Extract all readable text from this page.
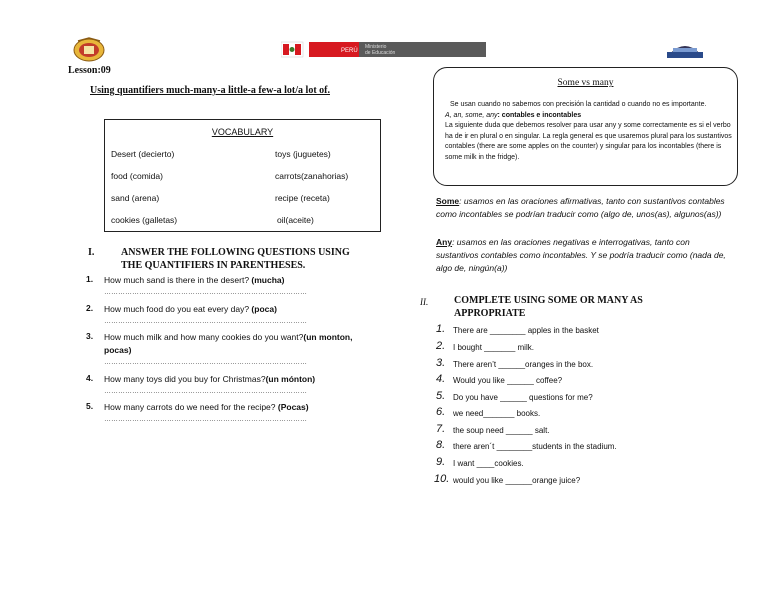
PERÚ
Ministerio
de Educación
Lesson:09
Using quantifiers much-many-a little-a few-a lot/a lot of.
VOCABULARY
Desert (decierto)
food (comida)
sand (arena)
cookies (galletas)
toys (juguetes)
carrots(zanahorias)
recipe (receta)
oil(aceite)
I.	ANSWER THE FOLLOWING QUESTIONS USING THE QUANTIFIERS IN PARENTHESES.
1. How much sand is there in the desert? (mucha)
……………………………………………………………………………
2. How much food do you eat every day? (poca)
……………………………………………………………………………
3. How much milk and how many cookies do you want?(un monton, pocas)
……………………………………………………………………………
4. How many toys did you buy for Christmas?(un mónton)
……………………………………………………………………………
5. How many carrots do we need for the recipe? (Pocas)
……………………………………………………………………………
Some vs many
Se usan cuando no sabemos con precisión la cantidad o cuando no es importante.
A, an, some, any: contables e incontables
La siguiente duda que debemos resolver para usar any y some correctamente es si el verbo ha de ir en plural o en singular. La regla general es que usaremos plural para los sustantivos contables (there are some apples on the counter) y singular para los incontables (there is some milk in the fridge).
Some: usamos en las oraciones afirmativas, tanto con sustantivos contables como incontables se podrían traducir como (algo de, unos(as), algunos(as))
Any: usamos en las oraciones negativas e interrogativas, tanto con sustantivos contables como incontables. Y se podría traducir como (nada de, algo de, ningún(a))
II.	COMPLETE USING SOME OR MANY AS APPROPRIATE
1. There are ________ apples in the basket
2. I bought _______ milk.
3. There aren’t ______oranges in the box.
4. Would you like ______ coffee?
5. Do you have ______ questions for me?
6. we need_______ books.
7. the soup need ______ salt.
8. there aren´t ________students in the stadium.
9. I want ____cookies.
10. would you like ______orange juice?
